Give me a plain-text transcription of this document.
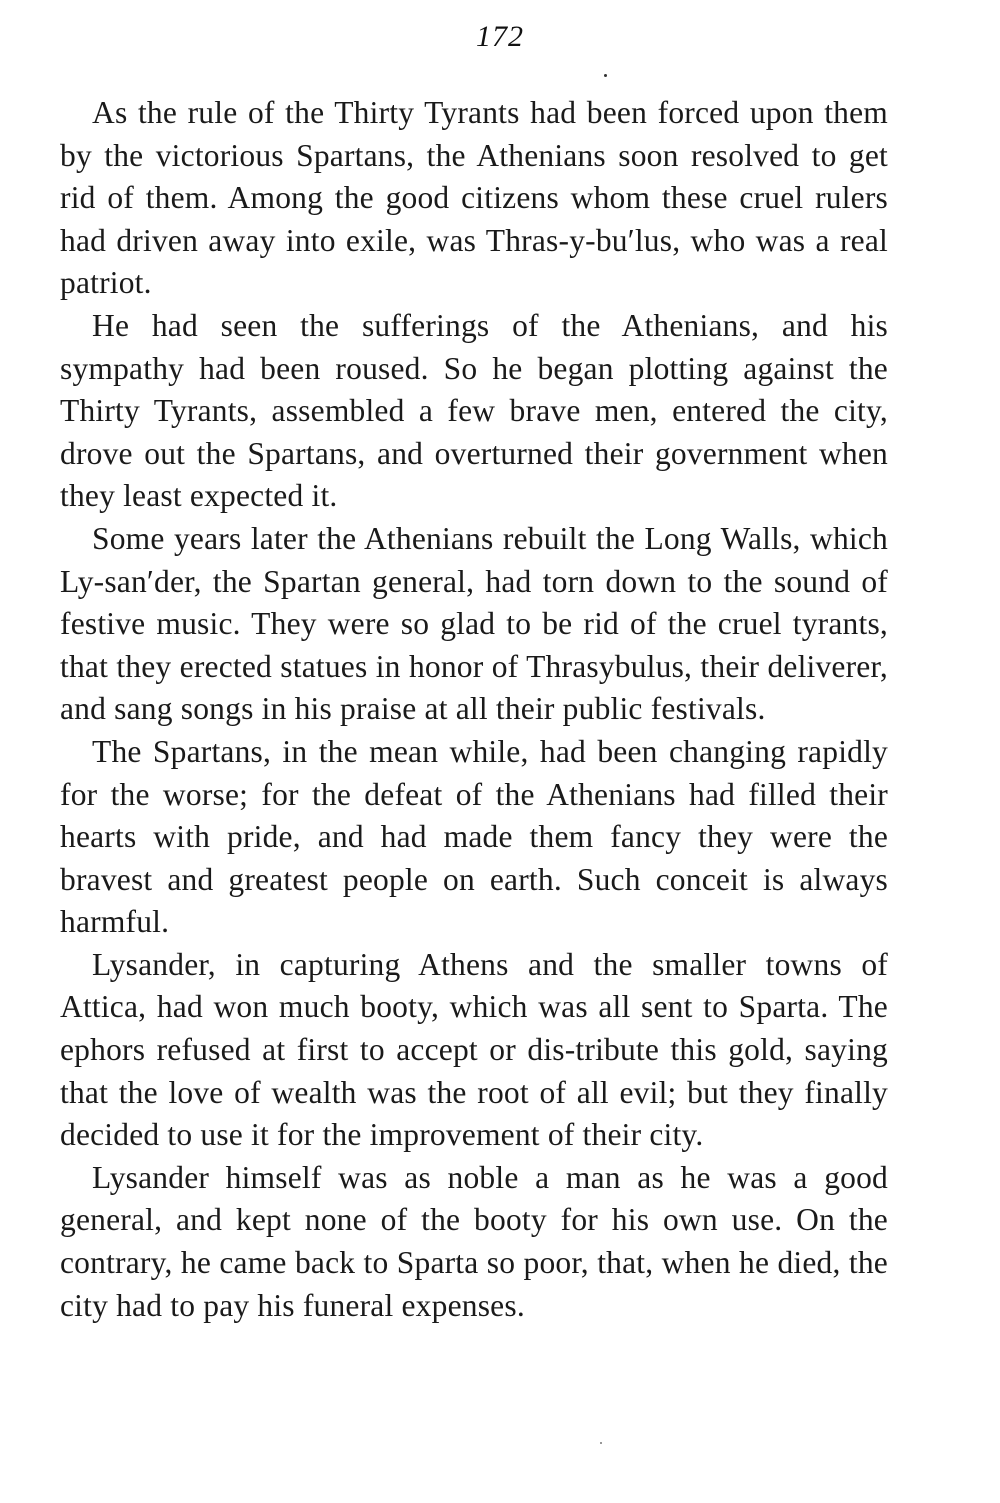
172

As the rule of the Thirty Tyrants had been forced upon them by the victorious Spartans, the Athenians soon resolved to get rid of them. Among the good citizens whom these cruel rulers had driven away into exile, was Thras-y-bu′lus, who was a real patriot.

He had seen the sufferings of the Athenians, and his sympathy had been roused. So he began plotting against the Thirty Tyrants, assembled a few brave men, entered the city, drove out the Spartans, and overturned their government when they least expected it.

Some years later the Athenians rebuilt the Long Walls, which Ly-san′der, the Spartan general, had torn down to the sound of festive music. They were so glad to be rid of the cruel tyrants, that they erected statues in honor of Thrasybulus, their deliverer, and sang songs in his praise at all their public festivals.

The Spartans, in the mean while, had been changing rapidly for the worse; for the defeat of the Athenians had filled their hearts with pride, and had made them fancy they were the bravest and greatest people on earth. Such conceit is always harmful.

Lysander, in capturing Athens and the smaller towns of Attica, had won much booty, which was all sent to Sparta. The ephors refused at first to accept or dis-tribute this gold, saying that the love of wealth was the root of all evil; but they finally decided to use it for the improvement of their city.

Lysander himself was as noble a man as he was a good general, and kept none of the booty for his own use. On the contrary, he came back to Sparta so poor, that, when he died, the city had to pay his funeral expenses.
